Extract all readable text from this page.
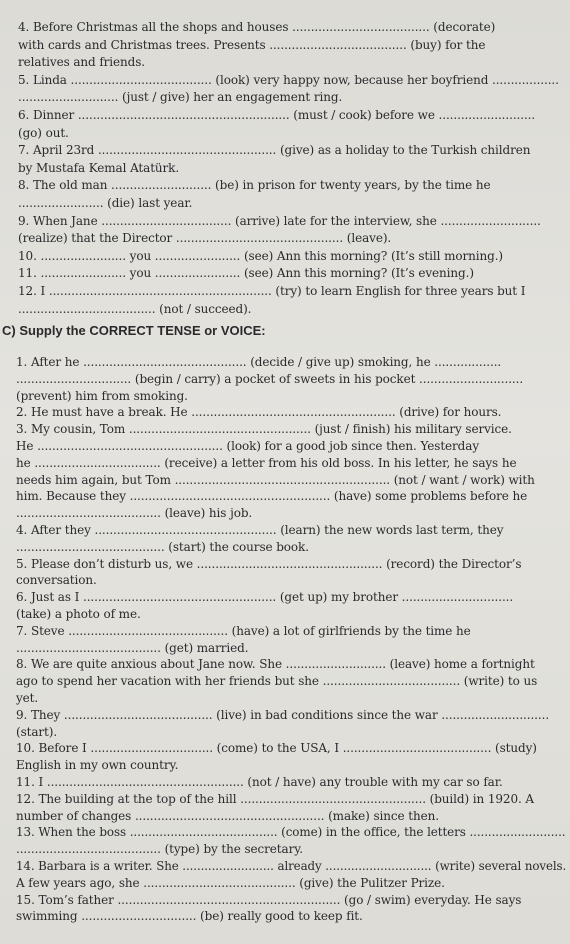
4. Before Christmas all the shops and houses ..................................... (decorate)

with cards and Christmas trees. Presents ..................................... (buy) for the

relatives and friends.

5. Linda ...................................... (look) very happy now, because her boyfriend ..................

........................... (just / give) her an engagement ring.

6. Dinner ......................................................... (must / cook) before we ..........................

(go) out.

7. April 23rd ................................................ (give) as a holiday to the Turkish children

by Mustafa Kemal Atatürk.

8. The old man ........................... (be) in prison for twenty years, by the time he

....................... (die) last year.

9. When Jane ................................... (arrive) late for the interview, she ...........................

(realize) that the Director ............................................. (leave).

10. ....................... you ....................... (see) Ann this morning? (It’s still morning.)

11. ....................... you ....................... (see) Ann this morning? (It’s evening.)

12. I ............................................................ (try) to learn English for three years but I

..................................... (not / succeed).

C) Supply the CORRECT TENSE or VOICE:

1. After he ............................................ (decide / give up) smoking, he ..................

............................... (begin / carry) a pocket of sweets in his pocket ............................

(prevent) him from smoking.

2. He must have a break. He ....................................................... (drive) for hours.

3. My cousin, Tom ................................................. (just / finish) his military service.

He .................................................. (look) for a good job since then. Yesterday

he .................................. (receive) a letter from his old boss. In his letter, he says he

needs him again, but Tom .......................................................... (not / want / work) with

him. Because they ...................................................... (have) some problems before he

....................................... (leave) his job.

4. After they ................................................. (learn) the new words last term, they

........................................ (start) the course book.

5. Please don’t disturb us, we .................................................. (record) the Director’s

conversation.

6. Just as I .................................................... (get up) my brother ..............................

(take) a photo of me.

7. Steve ........................................... (have) a lot of girlfriends by the time he

....................................... (get) married.

8. We are quite anxious about Jane now. She ........................... (leave) home a fortnight

ago to spend her vacation with her friends but she ..................................... (write) to us

yet.

9. They ........................................ (live) in bad conditions since the war .............................

(start).

10. Before I ................................. (come) to the USA, I ........................................ (study)

English in my own country.

11. I ..................................................... (not / have) any trouble with my car so far.

12. The building at the top of the hill .................................................. (build) in 1920. A

number of changes ................................................... (make) since then.

13. When the boss ........................................ (come) in the office, the letters ..........................

....................................... (type) by the secretary.

14. Barbara is a writer. She ......................... already ............................. (write) several novels.

A few years ago, she ......................................... (give) the Pulitzer Prize.

15. Tom’s father ............................................................ (go / swim) everyday. He says

swimming ............................... (be) really good to keep fit.
